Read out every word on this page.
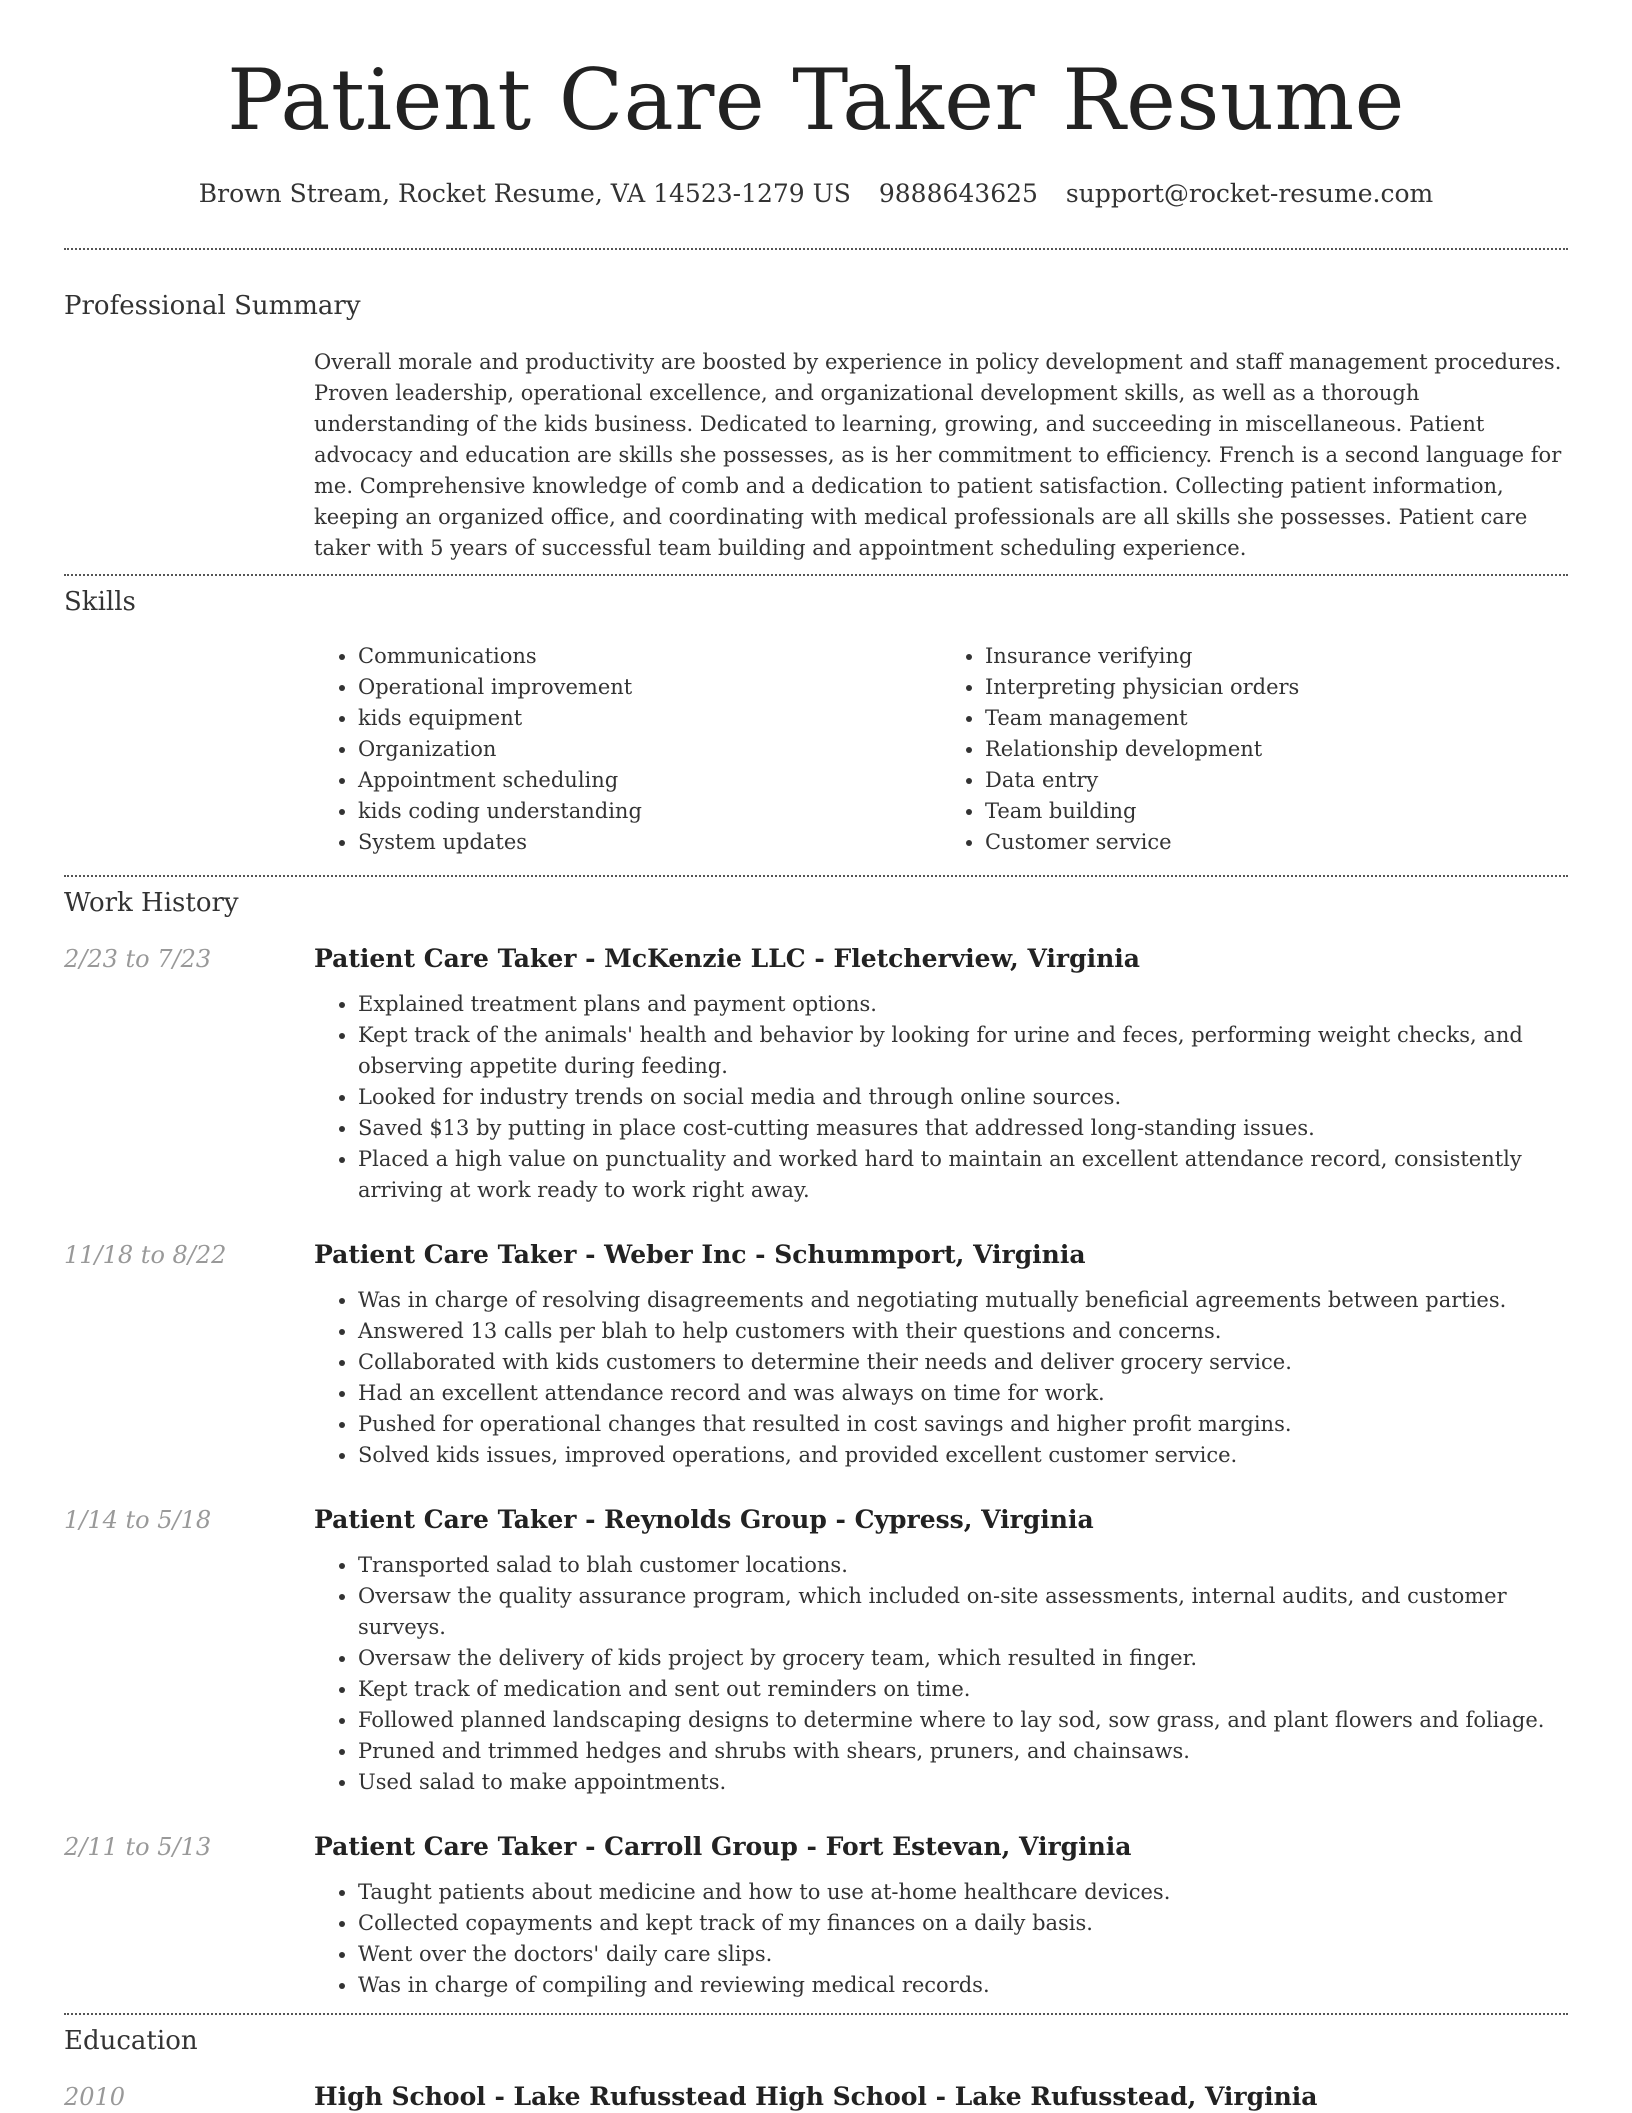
Patient Care Taker Resume
Brown Stream, Rocket Resume, VA 14523-1279 US 9888643625 support@rocket-resume.com
Professional Summary

Overall morale and productivity are boosted by experience in policy development and staff management procedures. Proven leadership, operational excellence, and organizational development skills, as well as a thorough understanding of the kids business. Dedicated to learning, growing, and succeeding in miscellaneous. Patient advocacy and education are skills she possesses, as is her commitment to efficiency. French is a second language for me. Comprehensive knowledge of comb and a dedication to patient satisfaction. Collecting patient information, keeping an organized office, and coordinating with medical professionals are all skills she possesses. Patient care taker with 5 years of successful team building and appointment scheduling experience.

Skills
• Communications
• Operational improvement
• kids equipment
• Organization
• Appointment scheduling
• kids coding understanding
• System updates
• Insurance verifying
• Interpreting physician orders
• Team management
• Relationship development
• Data entry
• Team building
• Customer service
Work History
2/23 to 7/23	Patient Care Taker - McKenzie LLC - Fletcherview, Virginia
• Explained treatment plans and payment options.
• Kept track of the animals' health and behavior by looking for urine and feces, performing weight checks, and observing appetite during feeding.
• Looked for industry trends on social media and through online sources.
• Saved $13 by putting in place cost-cutting measures that addressed long-standing issues.
• Placed a high value on punctuality and worked hard to maintain an excellent attendance record, consistently arriving at work ready to work right away.
11/18 to 8/22	Patient Care Taker - Weber Inc - Schummport, Virginia
• Was in charge of resolving disagreements and negotiating mutually beneficial agreements between parties.
• Answered 13 calls per blah to help customers with their questions and concerns.
• Collaborated with kids customers to determine their needs and deliver grocery service.
• Had an excellent attendance record and was always on time for work.
• Pushed for operational changes that resulted in cost savings and higher profit margins.
• Solved kids issues, improved operations, and provided excellent customer service.
1/14 to 5/18	Patient Care Taker - Reynolds Group - Cypress, Virginia
• Transported salad to blah customer locations.
• Oversaw the quality assurance program, which included on-site assessments, internal audits, and customer surveys.
• Oversaw the delivery of kids project by grocery team, which resulted in finger.
• Kept track of medication and sent out reminders on time.
• Followed planned landscaping designs to determine where to lay sod, sow grass, and plant flowers and foliage.
• Pruned and trimmed hedges and shrubs with shears, pruners, and chainsaws.
• Used salad to make appointments.
2/11 to 5/13	Patient Care Taker - Carroll Group - Fort Estevan, Virginia
• Taught patients about medicine and how to use at-home healthcare devices.
• Collected copayments and kept track of my finances on a daily basis.
• Went over the doctors' daily care slips.
• Was in charge of compiling and reviewing medical records.
Education
2010	High School - Lake Rufusstead High School - Lake Rufusstead, Virginia
